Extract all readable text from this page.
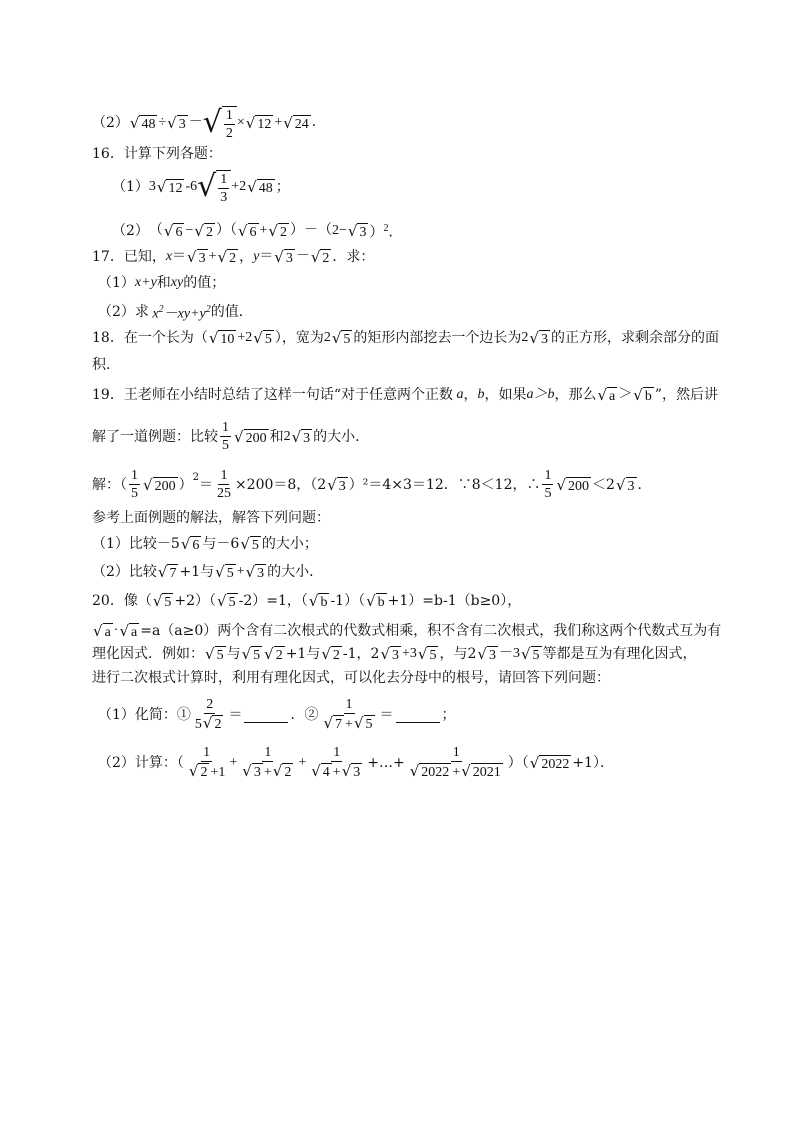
（2） √ 48 ÷ √ 3 － √ $\frac{1}{2}$ × √ 12 + √ 24 ．
16．计算下列各题：
（1） 3 √ 12 -6 √ $\frac{1}{3} +2$ √ 48 ；
（2） （ √ 6 − √ 2 ）（ √ 6 + √ 2 ）－（2− √ 3 ）$^2$．
17．已知， x ＝ √ 3 + √ 2 ， y ＝ √ 3 － √ 2 ．求：
（1） x+y 和 xy 的值；
（2）求 $x^2-xy+y^2$ 的值．
18．在一个长为（ √ 10 +2 √ 5 ），宽为 2 √ 5 的矩形内部挖去一个边长为 2 √ 3 的正方形，求剩余部分的面
积．
19．王老师在小结时总结了这样一句话“对于任意两个正数 a ， b ，如果 a＞b ，那么 √ a ＞ √ b ”，然后讲
解了一道例题：比较 $\frac{1}{5}$ √ 200 和 2 √ 3 的大小．
解：（ $\frac{1}{5}$ √ 200 ）$^2 = \frac{1}{25} \times 200=8$，（2 √ 3 ）²＝4×3＝12．∵8＜12，∴ $\frac{1}{5}$ √ 200 ＜2 √ 3 ．
参考上面例题的解法，解答下列问题：
（1）比较－5 √ 6 与－6 √ 5 的大小；
（2）比较 √ 7 +1与 √ 5 + √ 3 的大小．
20．像（ √ 5 +2）（ √ 5 -2）=1，（ √ b -1）（ √ b +1）=b-1（b≥0），
√ a · √ a =a（a≥0）两个含有二次根式的代数式相乘，积不含有二次根式，我们称这两个代数式互为有
理化因式．例如： √ 5 与 √ 5 √ 2 +1与 √ 2 -1，2 √ 3 +3 √ 5 ，与2 √ 3 －3 √ 5 等都是互为有理化因式，
进行二次根式计算时，利用有理化因式，可以化去分母中的根号，请回答下列问题：
（1）化简：① $\frac{2}{5 √ 2}$ ＝	．② $\frac{1}{√ 7 + √ 5}$ ＝	；
（2）计算：（ $\frac{1}{√ 2 +1} + \frac{1}{√ 3 + √ 2} + \frac{1}{√ 4 + √ 3}$ +…+ $\frac{1}{√ 2022 + √ 2021}$ ）（ √ 2022 +1）．
